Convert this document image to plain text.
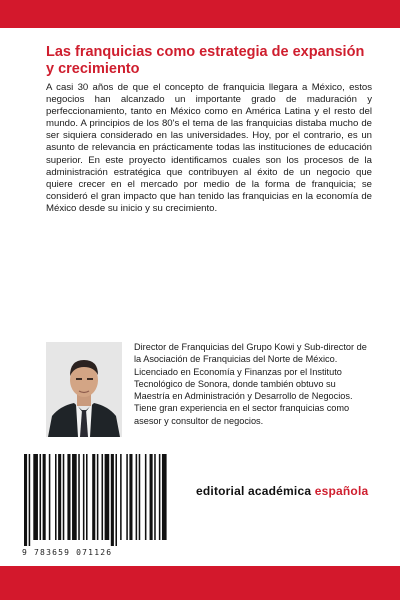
Las franquicias como estrategia de expansión y crecimiento

A casi 30 años de que el concepto de franquicia llegara a México, estos negocios han alcanzado un importante grado de maduración y perfeccionamiento, tanto en México como en América Latina y el resto del mundo. A principios de los 80's el tema de las franquicias distaba mucho de ser siquiera considerado en las universidades. Hoy, por el contrario, es un asunto de relevancia en prácticamente todas las instituciones de educación superior. En este proyecto identificamos cuales son los procesos de la administración estratégica que contribuyen al éxito de un negocio que quiere crecer en el mercado por medio de la forma de franquicia; se consideró el gran impacto que han tenido las franquicias en la economía de México desde su inicio y su crecimiento.

Director de Franquicias del Grupo Kowi y Sub-director de la Asociación de Franquicias del Norte de México. Licenciado en Economía y Finanzas por el Instituto Tecnológico de Sonora, donde también obtuvo su Maestría en Administración y Desarrollo de Negocios. Tiene gran experiencia en el sector franquicias como asesor y consultor de negocios.

9 783659 071126
editorial académica española
